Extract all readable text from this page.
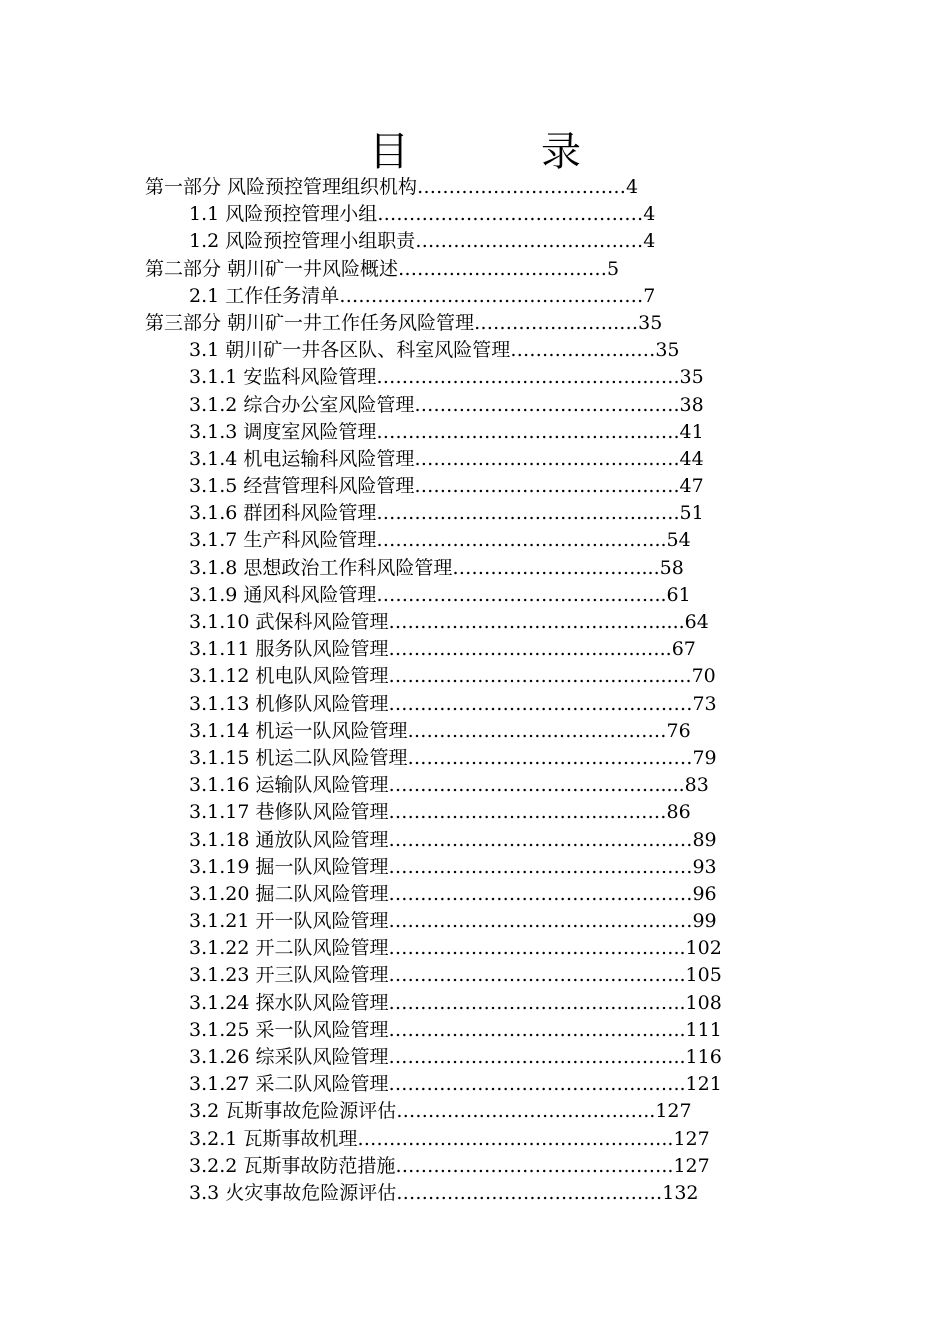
目　录
第一部分 风险预控管理组织机构……………………………4
1.1 风险预控管理小组……………………………………4
1.2 风险预控管理小组职责………………………………4
第二部分 朝川矿一井风险概述……………………………5
2.1 工作任务清单…………………………………………7
第三部分 朝川矿一井工作任务风险管理…………………..…35
3.1 朝川矿一井各区队、科室风险管理………………..…35
3.1.1 安监科风险管理……………………………………..….35
3.1.2 综合办公室风险管理………………………………..….38
3.1.3 调度室风险管理……………………………………..….41
3.1.4 机电运输科风险管理………………………………..….44
3.1.5 经营管理科风险管理………………………………..….47
3.1.6 群团科风险管理……………………………………..….51
3.1.7 生产科风险管理………………………………..……..54
3.1.8 思想政治工作科风险管理…………………..……....58
3.1.9 通风科风险管理………………………………..……..61
3.1.10 武保科风险管理…………………………………….....64
3.1.11 服务队风险管理……………………………..…..…..67
3.1.12 机电队风险管理……………………………………..….70
3.1.13 机修队风险管理…………………………………………73
3.1.14 机运一队风险管理…………………..………………76
3.1.15 机运二队风险管理………………………………………79
3.1.16 运输队风险管理…………………………………….....83
3.1.17 巷修队风险管理……………………………..………86
3.1.18 通放队风险管理…………………………………………89
3.1.19 掘一队风险管理…………………………………………93
3.1.20 掘二队风险管理…………………………………………96
3.1.21 开一队风险管理…………………………………………99
3.1.22 开二队风险管理………………………………………..102
3.1.23 开三队风险管理………………………………………..105
3.1.24 探水队风险管理………………………………………..108
3.1.25 采一队风险管理………………………………………..111
3.1.26 综采队风险管理………………………………………..116
3.1.27 采二队风险管理………………………………………..121
3.2 瓦斯事故危险源评估…………………………………..127
3.2.1 瓦斯事故机理…………………………………………..127
3.2.2 瓦斯事故防范措施……………………………………..127
3.3 火灾事故危险源评估……………………………………132
